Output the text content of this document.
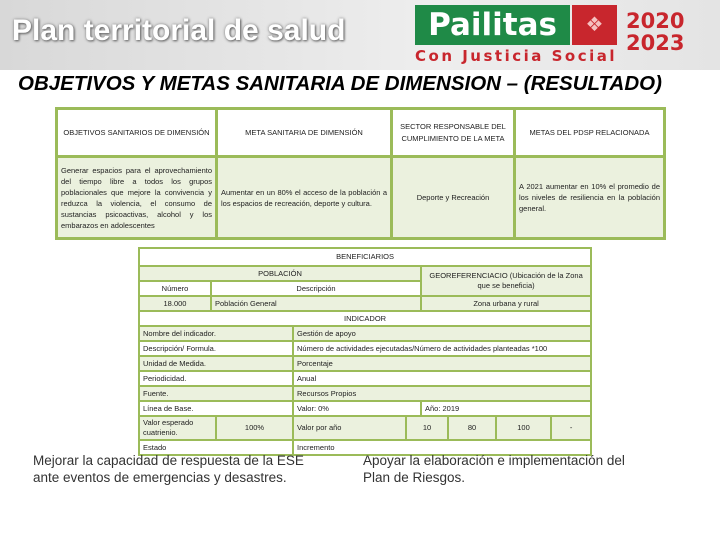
Plan territorial de salud	Pailitas	❖	2020
2023
Con Justicia Social
OBJETIVOS Y METAS SANITARIA DE DIMENSION – (RESULTADO)
OBJETIVOS SANITARIOS DE DIMENSIÓN	META SANITARIA DE DIMENSIÓN	SECTOR RESPONSABLE DEL CUMPLIMIENTO DE LA META	METAS DEL PDSP RELACIONADA
Generar espacios para el aprovechamiento del tiempo libre a todos los grupos poblacionales que mejore la convivencia y reduzca la violencia, el consumo de sustancias psicoactivas, alcohol y los embarazos en adolescentes	Aumentar en un 80% el acceso de la población a los espacios de recreación, deporte y cultura.	Deporte y Recreación	A 2021 aumentar en 10% el promedio de los niveles de resiliencia en la población general.
BENEFICIARIOS								
POBLACIÓN					GEOREFERENCIACIO (Ubicación de la Zona que se beneficia)			
Número	Descripción							
18.000	Población General				Zona urbana y rural			
INDICADOR								
Nombre del indicador.			Gestión de apoyo					
Descripción/ Formula.			Número de actividades ejecutadas/Número de actividades planteadas *100					
Unidad de Medida.			Porcentaje					
Periodicidad.			Anual					
Fuente.			Recursos Propios					
Línea de Base.			Valor: 0%		Año: 2019			
Valor esperado cuatrienio.		100%	Valor por año	10		80	100	-
Estado			Incremento					
Mejorar la capacidad de respuesta de la ESE ante eventos de emergencias y desastres.
Apoyar la elaboración e implementación del Plan de Riesgos.
